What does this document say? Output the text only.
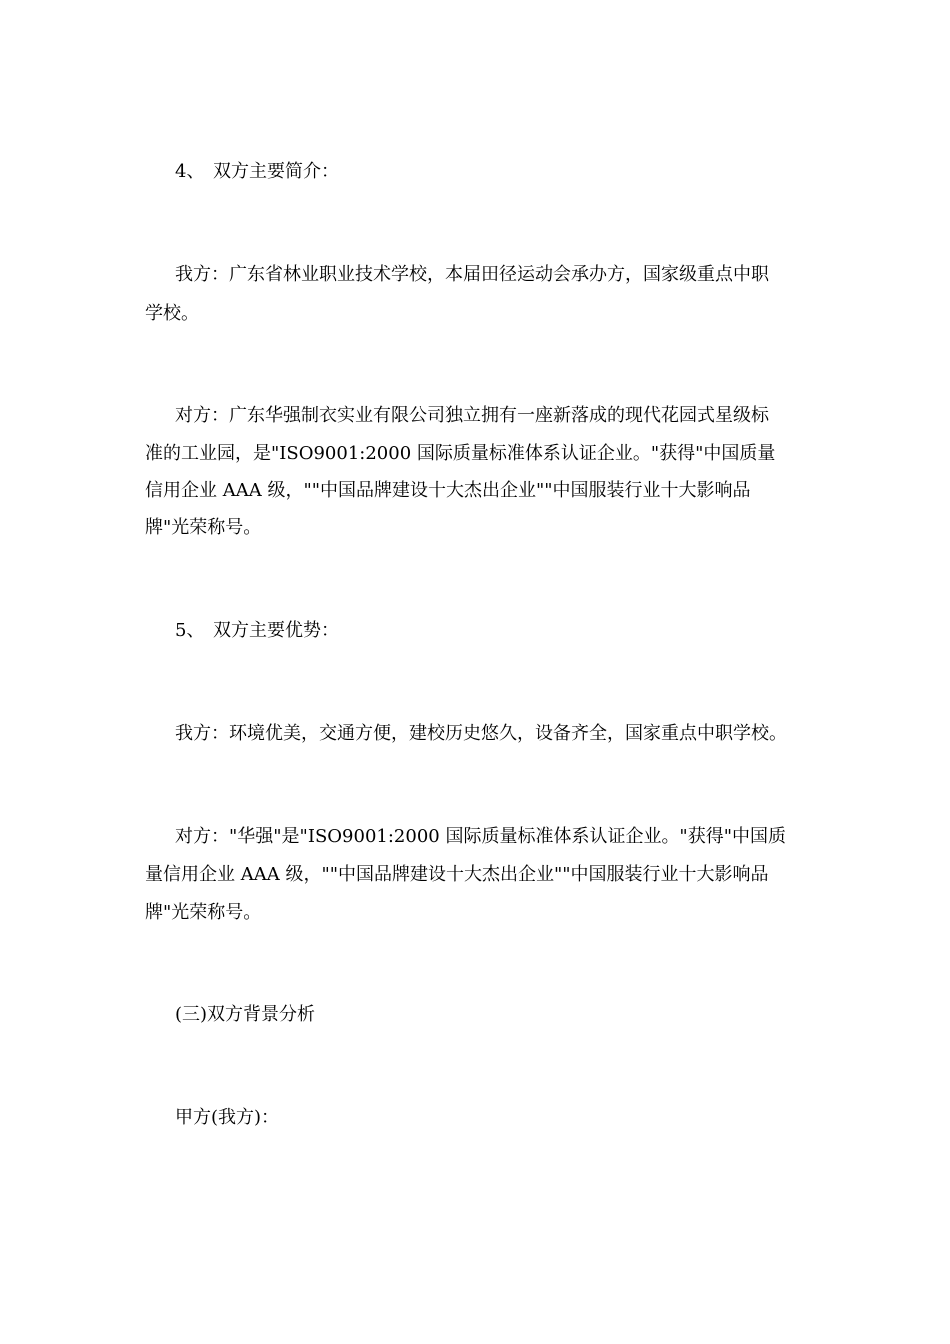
4、 双方主要简介：
我方：广东省林业职业技术学校，本届田径运动会承办方，国家级重点中职
学校。
对方：广东华强制衣实业有限公司独立拥有一座新落成的现代花园式星级标
准的工业园，是"ISO9001:2000 国际质量标准体系认证企业。"获得"中国质量
信用企业 AAA 级，""中国品牌建设十大杰出企业""中国服装行业十大影响品
牌"光荣称号。
5、 双方主要优势：
我方：环境优美，交通方便，建校历史悠久，设备齐全，国家重点中职学校。
对方："华强"是"ISO9001:2000 国际质量标准体系认证企业。"获得"中国质
量信用企业 AAA 级，""中国品牌建设十大杰出企业""中国服装行业十大影响品
牌"光荣称号。
(三)双方背景分析
甲方(我方)：
